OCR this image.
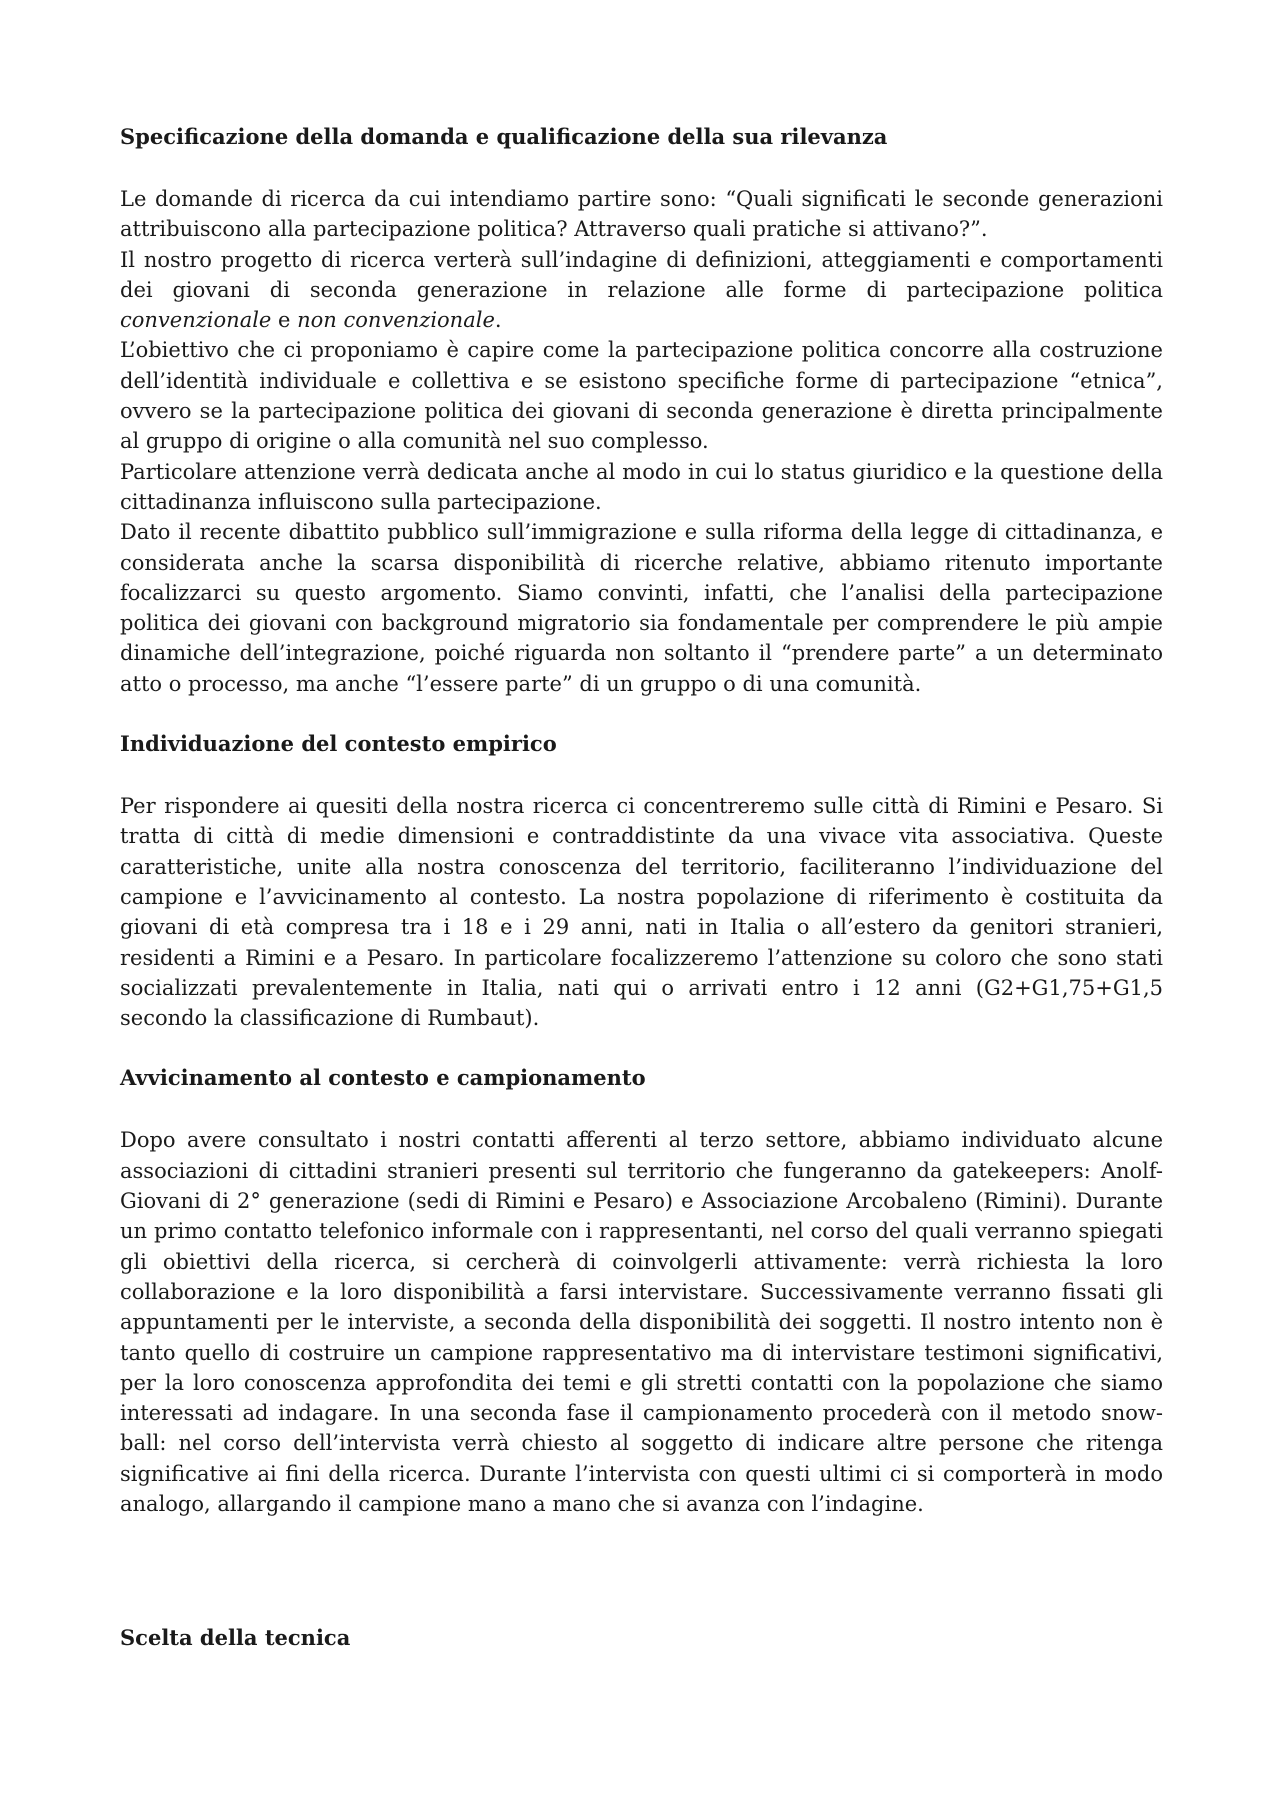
Specificazione della domanda e qualificazione della sua rilevanza

Le domande di ricerca da cui intendiamo partire sono: “Quali significati le seconde generazioni attribuiscono alla partecipazione politica? Attraverso quali pratiche si attivano?”.

Il nostro progetto di ricerca verterà sull’indagine di definizioni, atteggiamenti e comportamenti dei giovani di seconda generazione in relazione alle forme di partecipazione politica convenzionale e non convenzionale.

L’obiettivo che ci proponiamo è capire come la partecipazione politica concorre alla costruzione dell’identità individuale e collettiva e se esistono specifiche forme di partecipazione “etnica”, ovvero se la partecipazione politica dei giovani di seconda generazione è diretta principalmente al gruppo di origine o alla comunità nel suo complesso.

Particolare attenzione verrà dedicata anche al modo in cui lo status giuridico e la questione della cittadinanza influiscono sulla partecipazione.

Dato il recente dibattito pubblico sull’immigrazione e sulla riforma della legge di cittadinanza, e considerata anche la scarsa disponibilità di ricerche relative, abbiamo ritenuto importante focalizzarci su questo argomento. Siamo convinti, infatti, che l’analisi della partecipazione politica dei giovani con background migratorio sia fondamentale per comprendere le più ampie dinamiche dell’integrazione, poiché riguarda non soltanto il “prendere parte” a un determinato atto o processo, ma anche “l’essere parte” di un gruppo o di una comunità.

Individuazione del contesto empirico

Per rispondere ai quesiti della nostra ricerca ci concentreremo sulle città di Rimini e Pesaro. Si tratta di città di medie dimensioni e contraddistinte da una vivace vita associativa. Queste caratteristiche, unite alla nostra conoscenza del territorio, faciliteranno l’individuazione del campione e l’avvicinamento al contesto. La nostra popolazione di riferimento è costituita da giovani di età compresa tra i 18 e i 29 anni, nati in Italia o all’estero da genitori stranieri, residenti a Rimini e a Pesaro. In particolare focalizzeremo l’attenzione su coloro che sono stati socializzati prevalentemente in Italia, nati qui o arrivati entro i 12 anni (G2+G1,75+G1,5 secondo la classificazione di Rumbaut).

Avvicinamento al contesto e campionamento

Dopo avere consultato i nostri contatti afferenti al terzo settore, abbiamo individuato alcune associazioni di cittadini stranieri presenti sul territorio che fungeranno da gatekeepers: Anolf-Giovani di 2° generazione (sedi di Rimini e Pesaro) e Associazione Arcobaleno (Rimini). Durante un primo contatto telefonico informale con i rappresentanti, nel corso del quali verranno spiegati gli obiettivi della ricerca, si cercherà di coinvolgerli attivamente: verrà richiesta la loro collaborazione e la loro disponibilità a farsi intervistare. Successivamente verranno fissati gli appuntamenti per le interviste, a seconda della disponibilità dei soggetti. Il nostro intento non è tanto quello di costruire un campione rappresentativo ma di intervistare testimoni significativi, per la loro conoscenza approfondita dei temi e gli stretti contatti con la popolazione che siamo interessati ad indagare. In una seconda fase il campionamento procederà con il metodo snow-ball: nel corso dell’intervista verrà chiesto al soggetto di indicare altre persone che ritenga significative ai fini della ricerca. Durante l’intervista con questi ultimi ci si comporterà in modo analogo, allargando il campione mano a mano che si avanza con l’indagine.

Scelta della tecnica
